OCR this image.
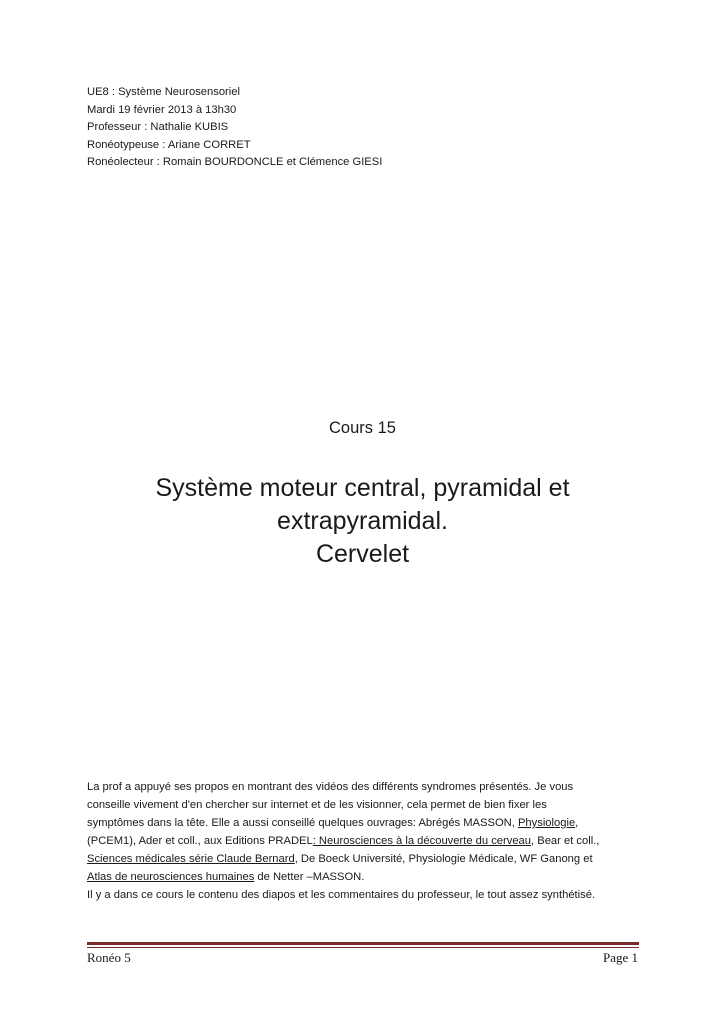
UE8 : Système Neurosensoriel
Mardi 19 février 2013 à 13h30
Professeur : Nathalie KUBIS
Ronéotypeuse : Ariane CORRET
Ronéolecteur : Romain BOURDONCLE et Clémence GIESI
Cours 15
Système moteur central, pyramidal et
extrapyramidal.
Cervelet
La prof a appuyé ses propos en montrant des vidéos des différents syndromes présentés. Je vous
conseille vivement d'en chercher sur internet et de les visionner, cela permet de bien fixer les
symptômes dans la tête. Elle a aussi conseillé quelques ouvrages: Abrégés MASSON, Physiologie,
(PCEM1), Ader et coll., aux Editions PRADEL: Neurosciences à la découverte du cerveau, Bear et coll.,
Sciences médicales série Claude Bernard, De Boeck Université, Physiologie Médicale, WF Ganong et
Atlas de neurosciences humaines de Netter –MASSON.
Il y a dans ce cours le contenu des diapos et les commentaires du professeur, le tout assez synthétisé.
Ronéo 5	Page 1
